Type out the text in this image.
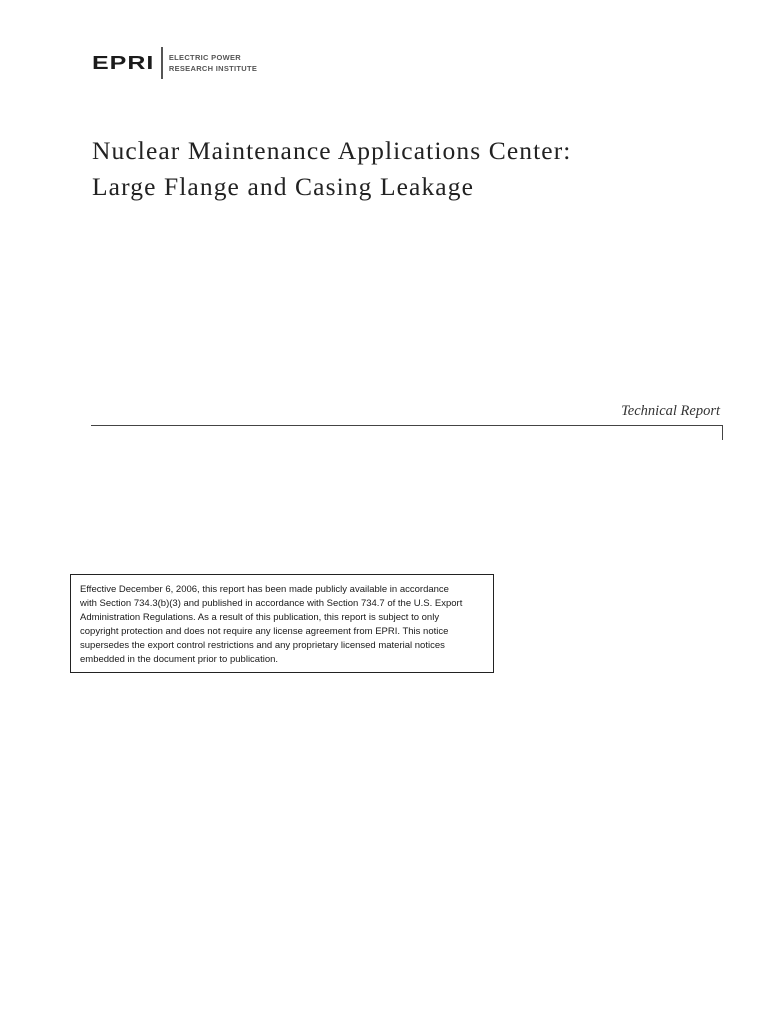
EPRI ELECTRIC POWER
RESEARCH INSTITUTE
Nuclear Maintenance Applications Center:
Large Flange and Casing Leakage
Technical Report
Effective December 6, 2006, this report has been made publicly available in accordance
with Section 734.3(b)(3) and published in accordance with Section 734.7 of the U.S. Export
Administration Regulations. As a result of this publication, this report is subject to only
copyright protection and does not require any license agreement from EPRI. This notice
supersedes the export control restrictions and any proprietary licensed material notices
embedded in the document prior to publication.
